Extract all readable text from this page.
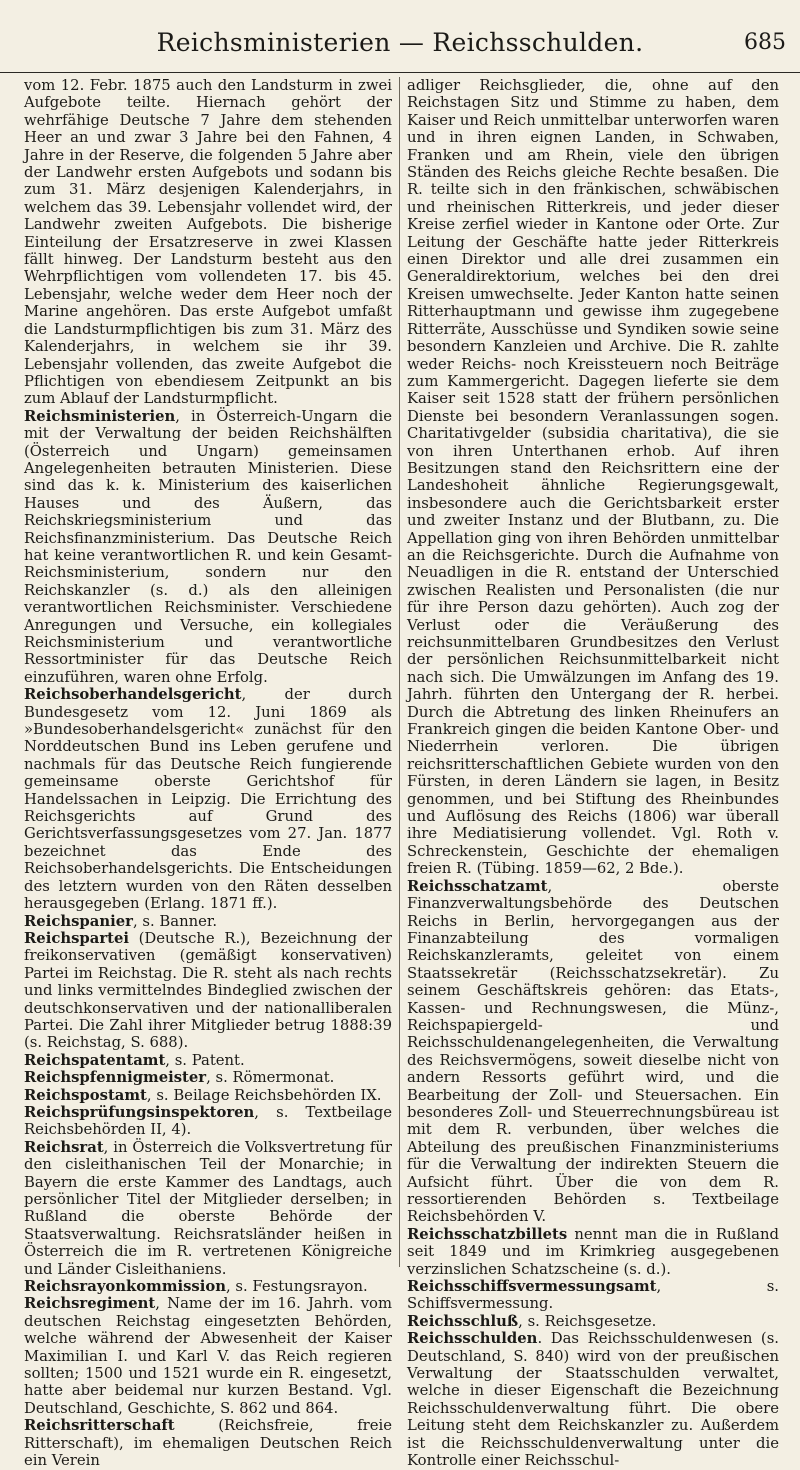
Reichsministerien — Reichsschulden.	685

vom 12. Febr. 1875 auch den Landsturm in zwei Aufgebote teilte. Hiernach gehört der wehrfähige Deutsche 7 Jahre dem stehenden Heer an und zwar 3 Jahre bei den Fahnen, 4 Jahre in der Reserve, die folgenden 5 Jahre aber der Landwehr ersten Aufgebots und sodann bis zum 31. März desjenigen Kalenderjahrs, in welchem das 39. Lebensjahr vollendet wird, der Landwehr zweiten Aufgebots. Die bisherige Einteilung der Ersatzreserve in zwei Klassen fällt hinweg. Der Landsturm besteht aus den Wehrpflichtigen vom vollendeten 17. bis 45. Lebensjahr, welche weder dem Heer noch der Marine angehören. Das erste Aufgebot umfaßt die Landsturmpflichtigen bis zum 31. März des Kalenderjahrs, in welchem sie ihr 39. Lebensjahr vollenden, das zweite Aufgebot die Pflichtigen von ebendiesem Zeitpunkt an bis zum Ablauf der Landsturmpflicht.

Reichsministerien, in Österreich-Ungarn die mit der Verwaltung der beiden Reichshälften (Österreich und Ungarn) gemeinsamen Angelegenheiten betrauten Ministerien. Diese sind das k. k. Ministerium des kaiserlichen Hauses und des Äußern, das Reichskriegsministerium und das Reichsfinanzministerium. Das Deutsche Reich hat keine verantwortlichen R. und kein Gesamt-Reichsministerium, sondern nur den Reichskanzler (s. d.) als den alleinigen verantwortlichen Reichsminister. Verschiedene Anregungen und Versuche, ein kollegiales Reichsministerium und verantwortliche Ressortminister für das Deutsche Reich einzuführen, waren ohne Erfolg.

Reichsoberhandelsgericht, der durch Bundesgesetz vom 12. Juni 1869 als »Bundesoberhandelsgericht« zunächst für den Norddeutschen Bund ins Leben gerufene und nachmals für das Deutsche Reich fungierende gemeinsame oberste Gerichtshof für Handelssachen in Leipzig. Die Errichtung des Reichsgerichts auf Grund des Gerichtsverfassungsgesetzes vom 27. Jan. 1877 bezeichnet das Ende des Reichsoberhandelsgerichts. Die Entscheidungen des letztern wurden von den Räten desselben herausgegeben (Erlang. 1871 ff.).

Reichspanier, s. Banner.

Reichspartei (Deutsche R.), Bezeichnung der freikonservativen (gemäßigt konservativen) Partei im Reichstag. Die R. steht als nach rechts und links vermittelndes Bindeglied zwischen der deutschkonservativen und der nationalliberalen Partei. Die Zahl ihrer Mitglieder betrug 1888:39 (s. Reichstag, S. 688).

Reichspatentamt, s. Patent.

Reichspfennigmeister, s. Römermonat.

Reichspostamt, s. Beilage Reichsbehörden IX.

Reichsprüfungsinspektoren, s. Textbeilage Reichsbehörden II, 4).

Reichsrat, in Österreich die Volksvertretung für den cisleithanischen Teil der Monarchie; in Bayern die erste Kammer des Landtags, auch persönlicher Titel der Mitglieder derselben; in Rußland die oberste Behörde der Staatsverwaltung. Reichsratsländer heißen in Österreich die im R. vertretenen Königreiche und Länder Cisleithaniens.

Reichsrayonkommission, s. Festungsrayon.

Reichsregiment, Name der im 16. Jahrh. vom deutschen Reichstag eingesetzten Behörden, welche während der Abwesenheit der Kaiser Maximilian I. und Karl V. das Reich regieren sollten; 1500 und 1521 wurde ein R. eingesetzt, hatte aber beidemal nur kurzen Bestand. Vgl. Deutschland, Geschichte, S. 862 und 864.

Reichsritterschaft (Reichsfreie, freie Ritterschaft), im ehemaligen Deutschen Reich ein Verein

adliger Reichsglieder, die, ohne auf den Reichstagen Sitz und Stimme zu haben, dem Kaiser und Reich unmittelbar unterworfen waren und in ihren eignen Landen, in Schwaben, Franken und am Rhein, viele den übrigen Ständen des Reichs gleiche Rechte besaßen. Die R. teilte sich in den fränkischen, schwäbischen und rheinischen Ritterkreis, und jeder dieser Kreise zerfiel wieder in Kantone oder Orte. Zur Leitung der Geschäfte hatte jeder Ritterkreis einen Direktor und alle drei zusammen ein Generaldirektorium, welches bei den drei Kreisen umwechselte. Jeder Kanton hatte seinen Ritterhauptmann und gewisse ihm zugegebene Ritterräte, Ausschüsse und Syndiken sowie seine besondern Kanzleien und Archive. Die R. zahlte weder Reichs- noch Kreissteuern noch Beiträge zum Kammergericht. Dagegen lieferte sie dem Kaiser seit 1528 statt der frühern persönlichen Dienste bei besondern Veranlassungen sogen. Charitativgelder (subsidia charitativa), die sie von ihren Unterthanen erhob. Auf ihren Besitzungen stand den Reichsrittern eine der Landeshoheit ähnliche Regierungsgewalt, insbesondere auch die Gerichtsbarkeit erster und zweiter Instanz und der Blutbann, zu. Die Appellation ging von ihren Behörden unmittelbar an die Reichsgerichte. Durch die Aufnahme von Neuadligen in die R. entstand der Unterschied zwischen Realisten und Personalisten (die nur für ihre Person dazu gehörten). Auch zog der Verlust oder die Veräußerung des reichsunmittelbaren Grundbesitzes den Verlust der persönlichen Reichsunmittelbarkeit nicht nach sich. Die Umwälzungen im Anfang des 19. Jahrh. führten den Untergang der R. herbei. Durch die Abtretung des linken Rheinufers an Frankreich gingen die beiden Kantone Ober- und Niederrhein verloren. Die übrigen reichsritterschaftlichen Gebiete wurden von den Fürsten, in deren Ländern sie lagen, in Besitz genommen, und bei Stiftung des Rheinbundes und Auflösung des Reichs (1806) war überall ihre Mediatisierung vollendet. Vgl. Roth v. Schreckenstein, Geschichte der ehemaligen freien R. (Tübing. 1859—62, 2 Bde.).

Reichsschatzamt, oberste Finanzverwaltungsbehörde des Deutschen Reichs in Berlin, hervorgegangen aus der Finanzabteilung des vormaligen Reichskanzleramts, geleitet von einem Staatssekretär (Reichsschatzsekretär). Zu seinem Geschäftskreis gehören: das Etats-, Kassen- und Rechnungswesen, die Münz-, Reichspapiergeld- und Reichsschuldenangelegenheiten, die Verwaltung des Reichsvermögens, soweit dieselbe nicht von andern Ressorts geführt wird, und die Bearbeitung der Zoll- und Steuersachen. Ein besonderes Zoll- und Steuerrechnungsbüreau ist mit dem R. verbunden, über welches die Abteilung des preußischen Finanzministeriums für die Verwaltung der indirekten Steuern die Aufsicht führt. Über die von dem R. ressortierenden Behörden s. Textbeilage Reichsbehörden V.

Reichsschatzbillets nennt man die in Rußland seit 1849 und im Krimkrieg ausgegebenen verzinslichen Schatzscheine (s. d.).

Reichsschiffsvermessungsamt, s. Schiffsvermessung.

Reichsschluß, s. Reichsgesetze.

Reichsschulden. Das Reichsschuldenwesen (s. Deutschland, S. 840) wird von der preußischen Verwaltung der Staatsschulden verwaltet, welche in dieser Eigenschaft die Bezeichnung Reichsschuldenverwaltung führt. Die obere Leitung steht dem Reichskanzler zu. Außerdem ist die Reichsschuldenverwaltung unter die Kontrolle einer Reichsschul-
